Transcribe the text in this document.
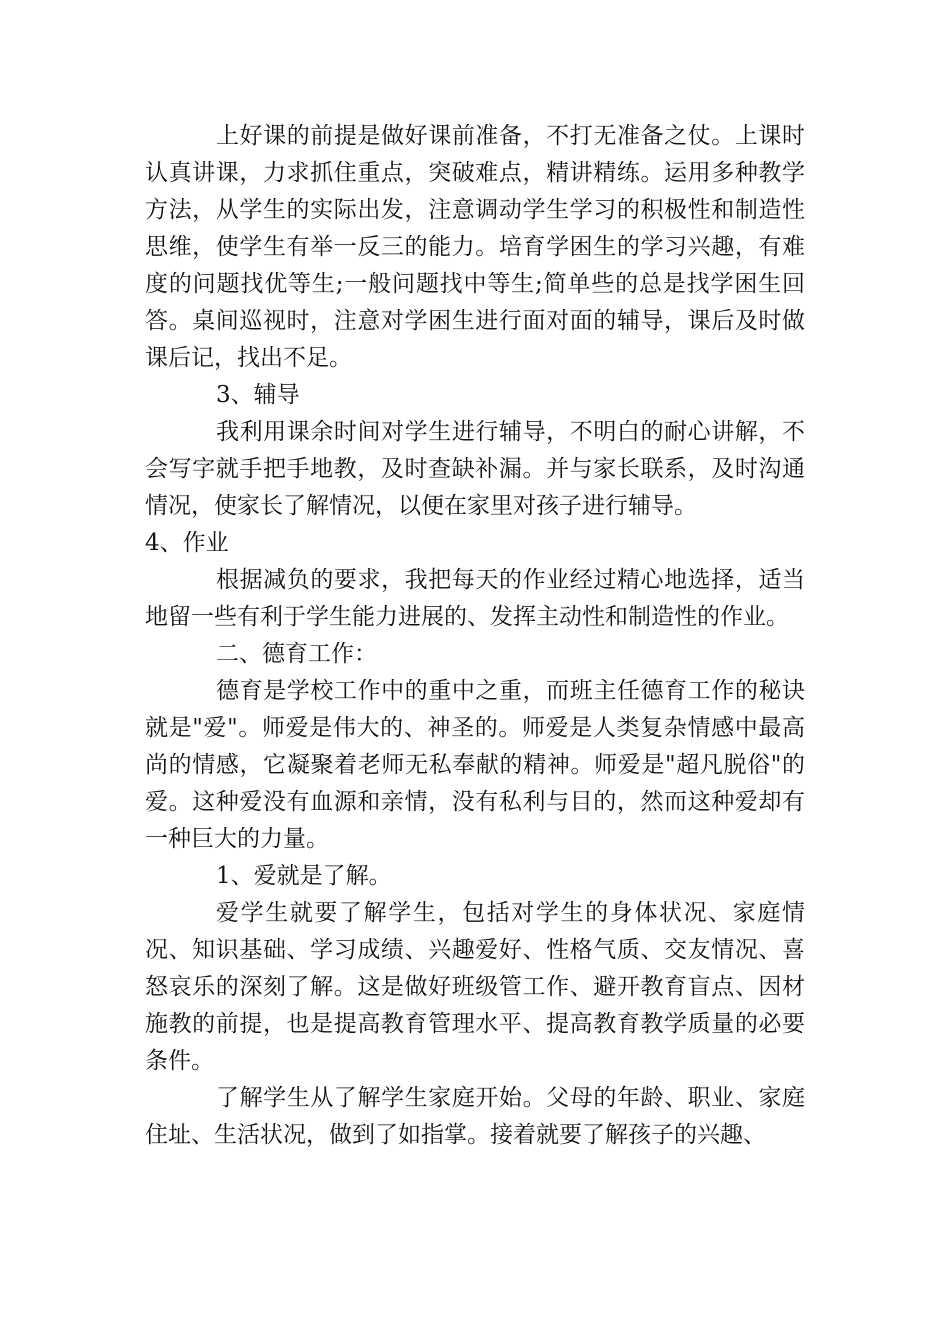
上好课的前提是做好课前准备，不打无准备之仗。上课时认真讲课，力求抓住重点，突破难点，精讲精练。运用多种教学方法，从学生的实际出发，注意调动学生学习的积极性和制造性思维，使学生有举一反三的能力。培育学困生的学习兴趣，有难度的问题找优等生;一般问题找中等生;简单些的总是找学困生回答。桌间巡视时，注意对学困生进行面对面的辅导，课后及时做课后记，找出不足。

3、辅导

我利用课余时间对学生进行辅导，不明白的耐心讲解，不会写字就手把手地教，及时查缺补漏。并与家长联系，及时沟通情况，使家长了解情况，以便在家里对孩子进行辅导。

4、作业

根据减负的要求，我把每天的作业经过精心地选择，适当地留一些有利于学生能力进展的、发挥主动性和制造性的作业。

二、德育工作：

德育是学校工作中的重中之重，而班主任德育工作的秘诀就是"爱"。师爱是伟大的、神圣的。师爱是人类复杂情感中最高尚的情感，它凝聚着老师无私奉献的精神。师爱是"超凡脱俗"的爱。这种爱没有血源和亲情，没有私利与目的，然而这种爱却有一种巨大的力量。

1、爱就是了解。

爱学生就要了解学生，包括对学生的身体状况、家庭情况、知识基础、学习成绩、兴趣爱好、性格气质、交友情况、喜怒哀乐的深刻了解。这是做好班级管工作、避开教育盲点、因材施教的前提，也是提高教育管理水平、提高教育教学质量的必要条件。

了解学生从了解学生家庭开始。父母的年龄、职业、家庭住址、生活状况，做到了如指掌。接着就要了解孩子的兴趣、
